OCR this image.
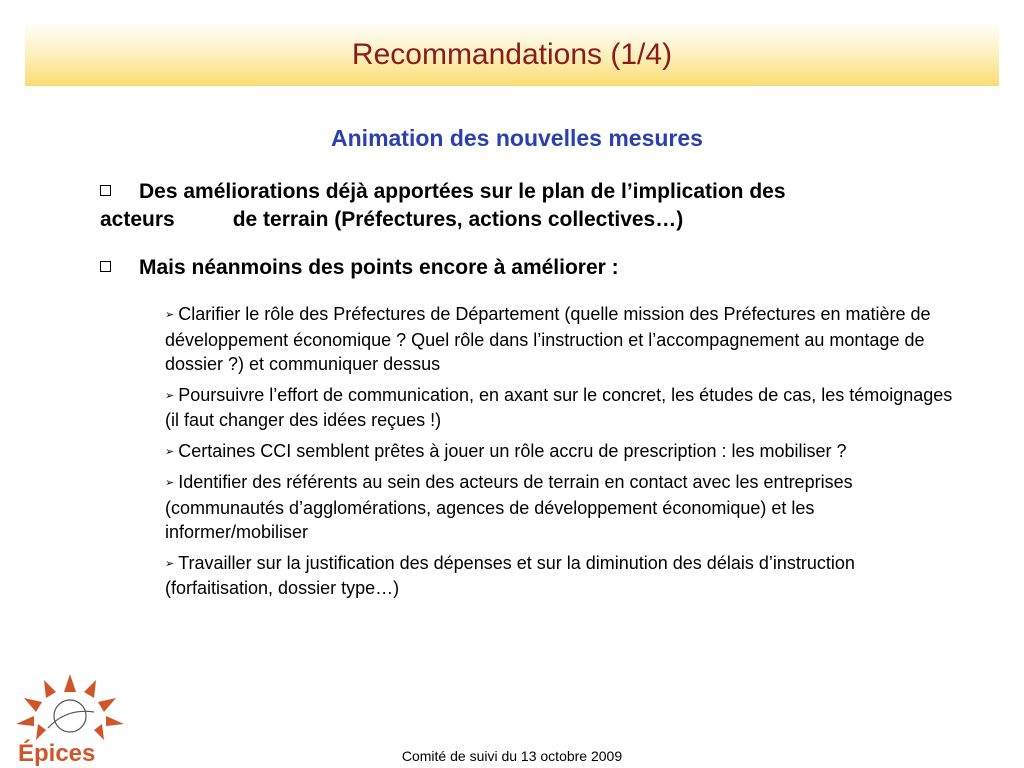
Recommandations (1/4)
Animation des nouvelles mesures
Des améliorations déjà apportées sur le plan de l’implication des
acteurs	de terrain (Préfectures, actions collectives…)
Mais néanmoins des points encore à améliorer :
➢ Clarifier le rôle des Préfectures de Département (quelle mission des Préfectures en matière de développement économique ? Quel rôle dans l’instruction et l’accompagnement au montage de dossier ?) et communiquer dessus
➢ Poursuivre l’effort de communication, en axant sur le concret, les études de cas, les témoignages (il faut changer des idées reçues !)
➢ Certaines CCI semblent prêtes à jouer un rôle accru de prescription : les mobiliser ?
➢ Identifier des référents au sein des acteurs de terrain en contact avec les entreprises (communautés d’agglomérations, agences de développement économique) et les informer/mobiliser
➢ Travailler sur la justification des dépenses et sur la diminution des délais d’instruction (forfaitisation, dossier type…)
Épices	Comité de suivi du 13 octobre 2009
